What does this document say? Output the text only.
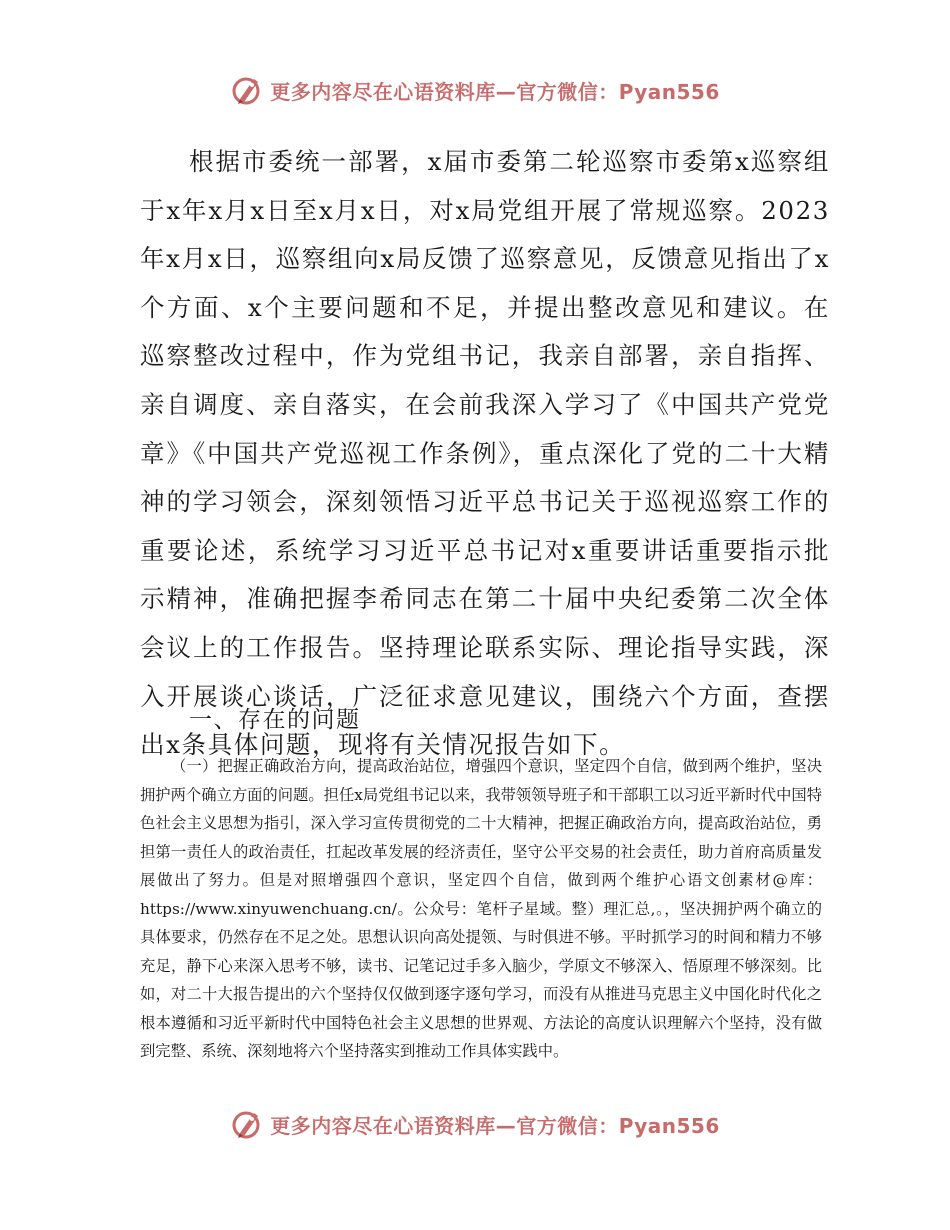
更多内容尽在心语资料库—官方微信：Pyan556

根据市委统一部署，x届市委第二轮巡察市委第x巡察组于x年x月x日至x月x日，对x局党组开展了常规巡察。2023年x月x日，巡察组向x局反馈了巡察意见，反馈意见指出了x个方面、x个主要问题和不足，并提出整改意见和建议。在巡察整改过程中，作为党组书记，我亲自部署，亲自指挥、亲自调度、亲自落实，在会前我深入学习了《中国共产党党章》《中国共产党巡视工作条例》，重点深化了党的二十大精神的学习领会，深刻领悟习近平总书记关于巡视巡察工作的重要论述，系统学习习近平总书记对x重要讲话重要指示批示精神，准确把握李希同志在第二十届中央纪委第二次全体会议上的工作报告。坚持理论联系实际、理论指导实践，深入开展谈心谈话，广泛征求意见建议，围绕六个方面，查摆出x条具体问题，现将有关情况报告如下。

一、存在的问题

（一）把握正确政治方向，提高政治站位，增强四个意识，坚定四个自信，做到两个维护，坚决拥护两个确立方面的问题。担任x局党组书记以来，我带领领导班子和干部职工以习近平新时代中国特色社会主义思想为指引，深入学习宣传贯彻党的二十大精神，把握正确政治方向，提高政治站位，勇担第一责任人的政治责任，扛起改革发展的经济责任，坚守公平交易的社会责任，助力首府高质量发展做出了努力。但是对照增强四个意识，坚定四个自信，做到两个维护心语文创素材@库：https://www.xinyuwenchuang.cn/。公众号：笔杆子星域。整）理汇总,。，坚决拥护两个确立的具体要求，仍然存在不足之处。思想认识向高处提领、与时俱进不够。平时抓学习的时间和精力不够充足，静下心来深入思考不够，读书、记笔记过手多入脑少，学原文不够深入、悟原理不够深刻。比如，对二十大报告提出的六个坚持仅仅做到逐字逐句学习，而没有从推进马克思主义中国化时代化之根本遵循和习近平新时代中国特色社会主义思想的世界观、方法论的高度认识理解六个坚持，没有做到完整、系统、深刻地将六个坚持落实到推动工作具体实践中。

更多内容尽在心语资料库—官方微信：Pyan556
